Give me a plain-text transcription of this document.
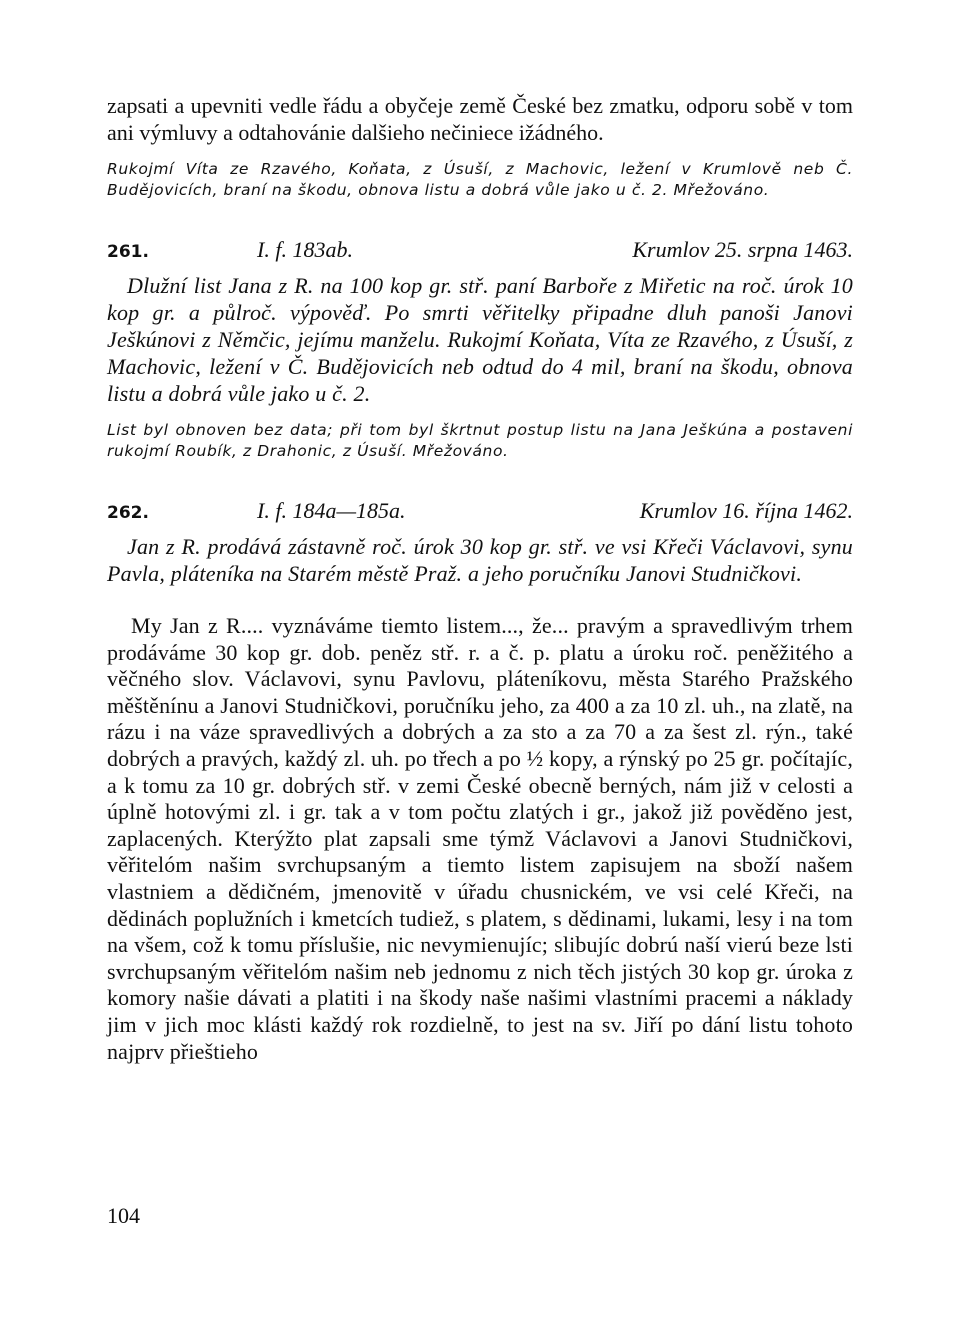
zapsati a upevniti vedle řádu a obyčeje země České bez zmatku, odporu sobě v tom ani výmluvy a odtahovánie dalšieho nečiniece ižádného.

Rukojmí Víta ze Rzavého, Koňata, z Úsuší, z Machovic, ležení v Krumlově neb Č. Budějovicích, braní na škodu, obnova listu a dobrá vůle jako u č. 2. Mřežováno.

261.	I. f. 183ab.	Krumlov 25. srpna 1463.

Dlužní list Jana z R. na 100 kop gr. stř. paní Barboře z Miřetic na roč. úrok 10 kop gr. a půlroč. výpověď. Po smrti věřitelky připadne dluh panoši Janovi Ješkúnovi z Němčic, jejímu manželu. Rukojmí Koňata, Víta ze Rzavého, z Úsuší, z Machovic, ležení v Č. Budějovicích neb odtud do 4 mil, braní na škodu, obnova listu a dobrá vůle jako u č. 2.

List byl obnoven bez data; při tom byl škrtnut postup listu na Jana Ješkúna a postaveni rukojmí Roubík, z Drahonic, z Úsuší. Mřežováno.

262.	I. f. 184a—185a.	Krumlov 16. října 1462.

Jan z R. prodává zástavně roč. úrok 30 kop gr. stř. ve vsi Křeči Václavovi, synu Pavla, pláteníka na Starém městě Praž. a jeho poručníku Janovi Studničkovi.

My Jan z R.... vyznáváme tiemto listem..., že... pravým a spravedlivým trhem prodáváme 30 kop gr. dob. peněz stř. r. a č. p. platu a úroku roč. peněžitého a věčného slov. Václavovi, synu Pavlovu, pláteníkovu, města Starého Pražského měštěnínu a Janovi Studničkovi, poručníku jeho, za 400 a za 10 zl. uh., na zlatě, na rázu i na váze spravedlivých a dobrých a za sto a za 70 a za šest zl. rýn., také dobrých a pravých, každý zl. uh. po třech a po ½ kopy, a rýnský po 25 gr. počítajíc, a k tomu za 10 gr. dobrých stř. v zemi České obecně berných, nám již v celosti a úplně hotovými zl. i gr. tak a v tom počtu zlatých i gr., jakož již pověděno jest, zaplacených. Kterýžto plat zapsali sme týmž Václavovi a Janovi Studničkovi, věřitelóm našim svrchupsaným a tiemto listem zapisujem na sboží našem vlastniem a dědičném, jmenovitě v úřadu chusnickém, ve vsi celé Křeči, na dědinách poplužních i kmetcích tudiež, s platem, s dědinami, lukami, lesy i na tom na všem, což k tomu příslušie, nic nevymienujíc; slibujíc dobrú naší vierú beze lsti svrchupsaným věřitelóm našim neb jednomu z nich těch jistých 30 kop gr. úroka z komory našie dávati a platiti i na škody naše našimi vlastními pracemi a náklady jim v jich moc klásti každý rok rozdielně, to jest na sv. Jiří po dání listu tohoto najprv přieštieho

104
